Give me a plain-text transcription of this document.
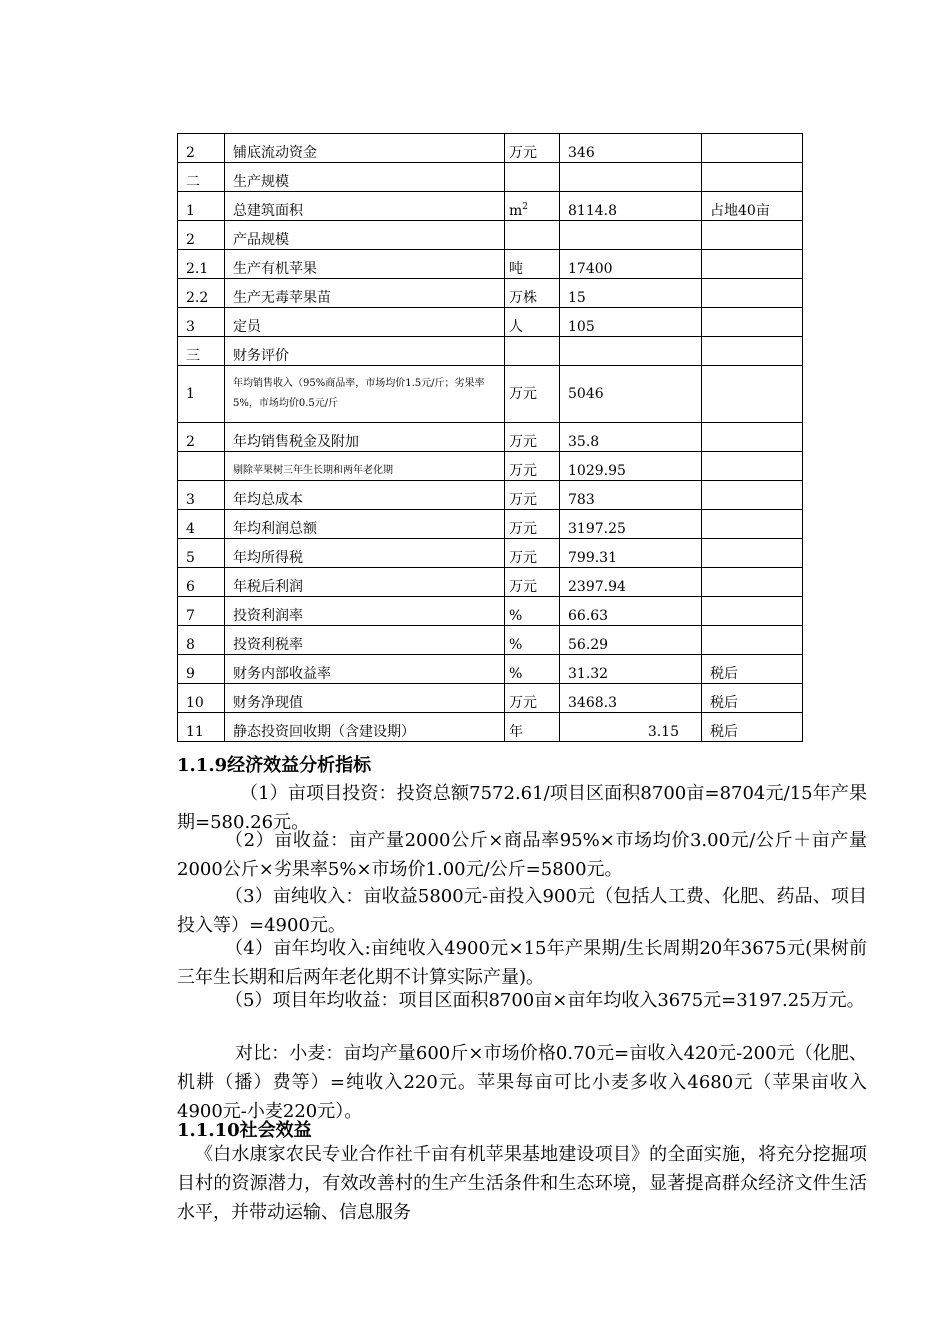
2	铺底流动资金	万元	346	
二	生产规模			
1	总建筑面积	$m^2$	8114.8	占地40亩
2	产品规模			
2.1	生产有机苹果	吨	17400	
2.2	生产无毒苹果苗	万株	15	
3	定员	人	105	
三	财务评价			
1	年均销售收入（95%商品率，市场均价1.5元/斤；劣果率5%，市场均价0.5元/斤	万元	5046	
2	年均销售税金及附加	万元	35.8	
	剔除苹果树三年生长期和两年老化期	万元	1029.95	
3	年均总成本	万元	783	
4	年均利润总额	万元	3197.25	
5	年均所得税	万元	799.31	
6	年税后利润	万元	2397.94	
7	投资利润率	%	66.63	
8	投资利税率	%	56.29	
9	财务内部收益率	%	31.32	税后
10	财务净现值	万元	3468.3	税后
11	静态投资回收期（含建设期）	年	3.15	税后
1.1.9经济效益分析指标

（1）亩项目投资：投资总额7572.61/项目区面积8700亩=8704元/15年产果期=580.26元。

（2）亩收益：亩产量2000公斤×商品率95%×市场均价3.00元/公斤＋亩产量2000公斤×劣果率5%×市场价1.00元/公斤=5800元。

（3）亩纯收入：亩收益5800元-亩投入900元（包括人工费、化肥、药品、项目投入等）=4900元。

（4）亩年均收入:亩纯收入4900元×15年产果期/生长周期20年3675元(果树前三年生长期和后两年老化期不计算实际产量)。

（5）项目年均收益：项目区面积8700亩×亩年均收入3675元=3197.25万元。

对比：小麦：亩均产量600斤×市场价格0.70元=亩收入420元-200元（化肥、机耕（播）费等）=纯收入220元。苹果每亩可比小麦多收入4680元（苹果亩收入4900元-小麦220元）。

1.1.10社会效益

《白水康家农民专业合作社千亩有机苹果基地建设项目》的全面实施，将充分挖掘项目村的资源潜力，有效改善村的生产生活条件和生态环境，显著提高群众经济文件生活水平，并带动运输、信息服务
